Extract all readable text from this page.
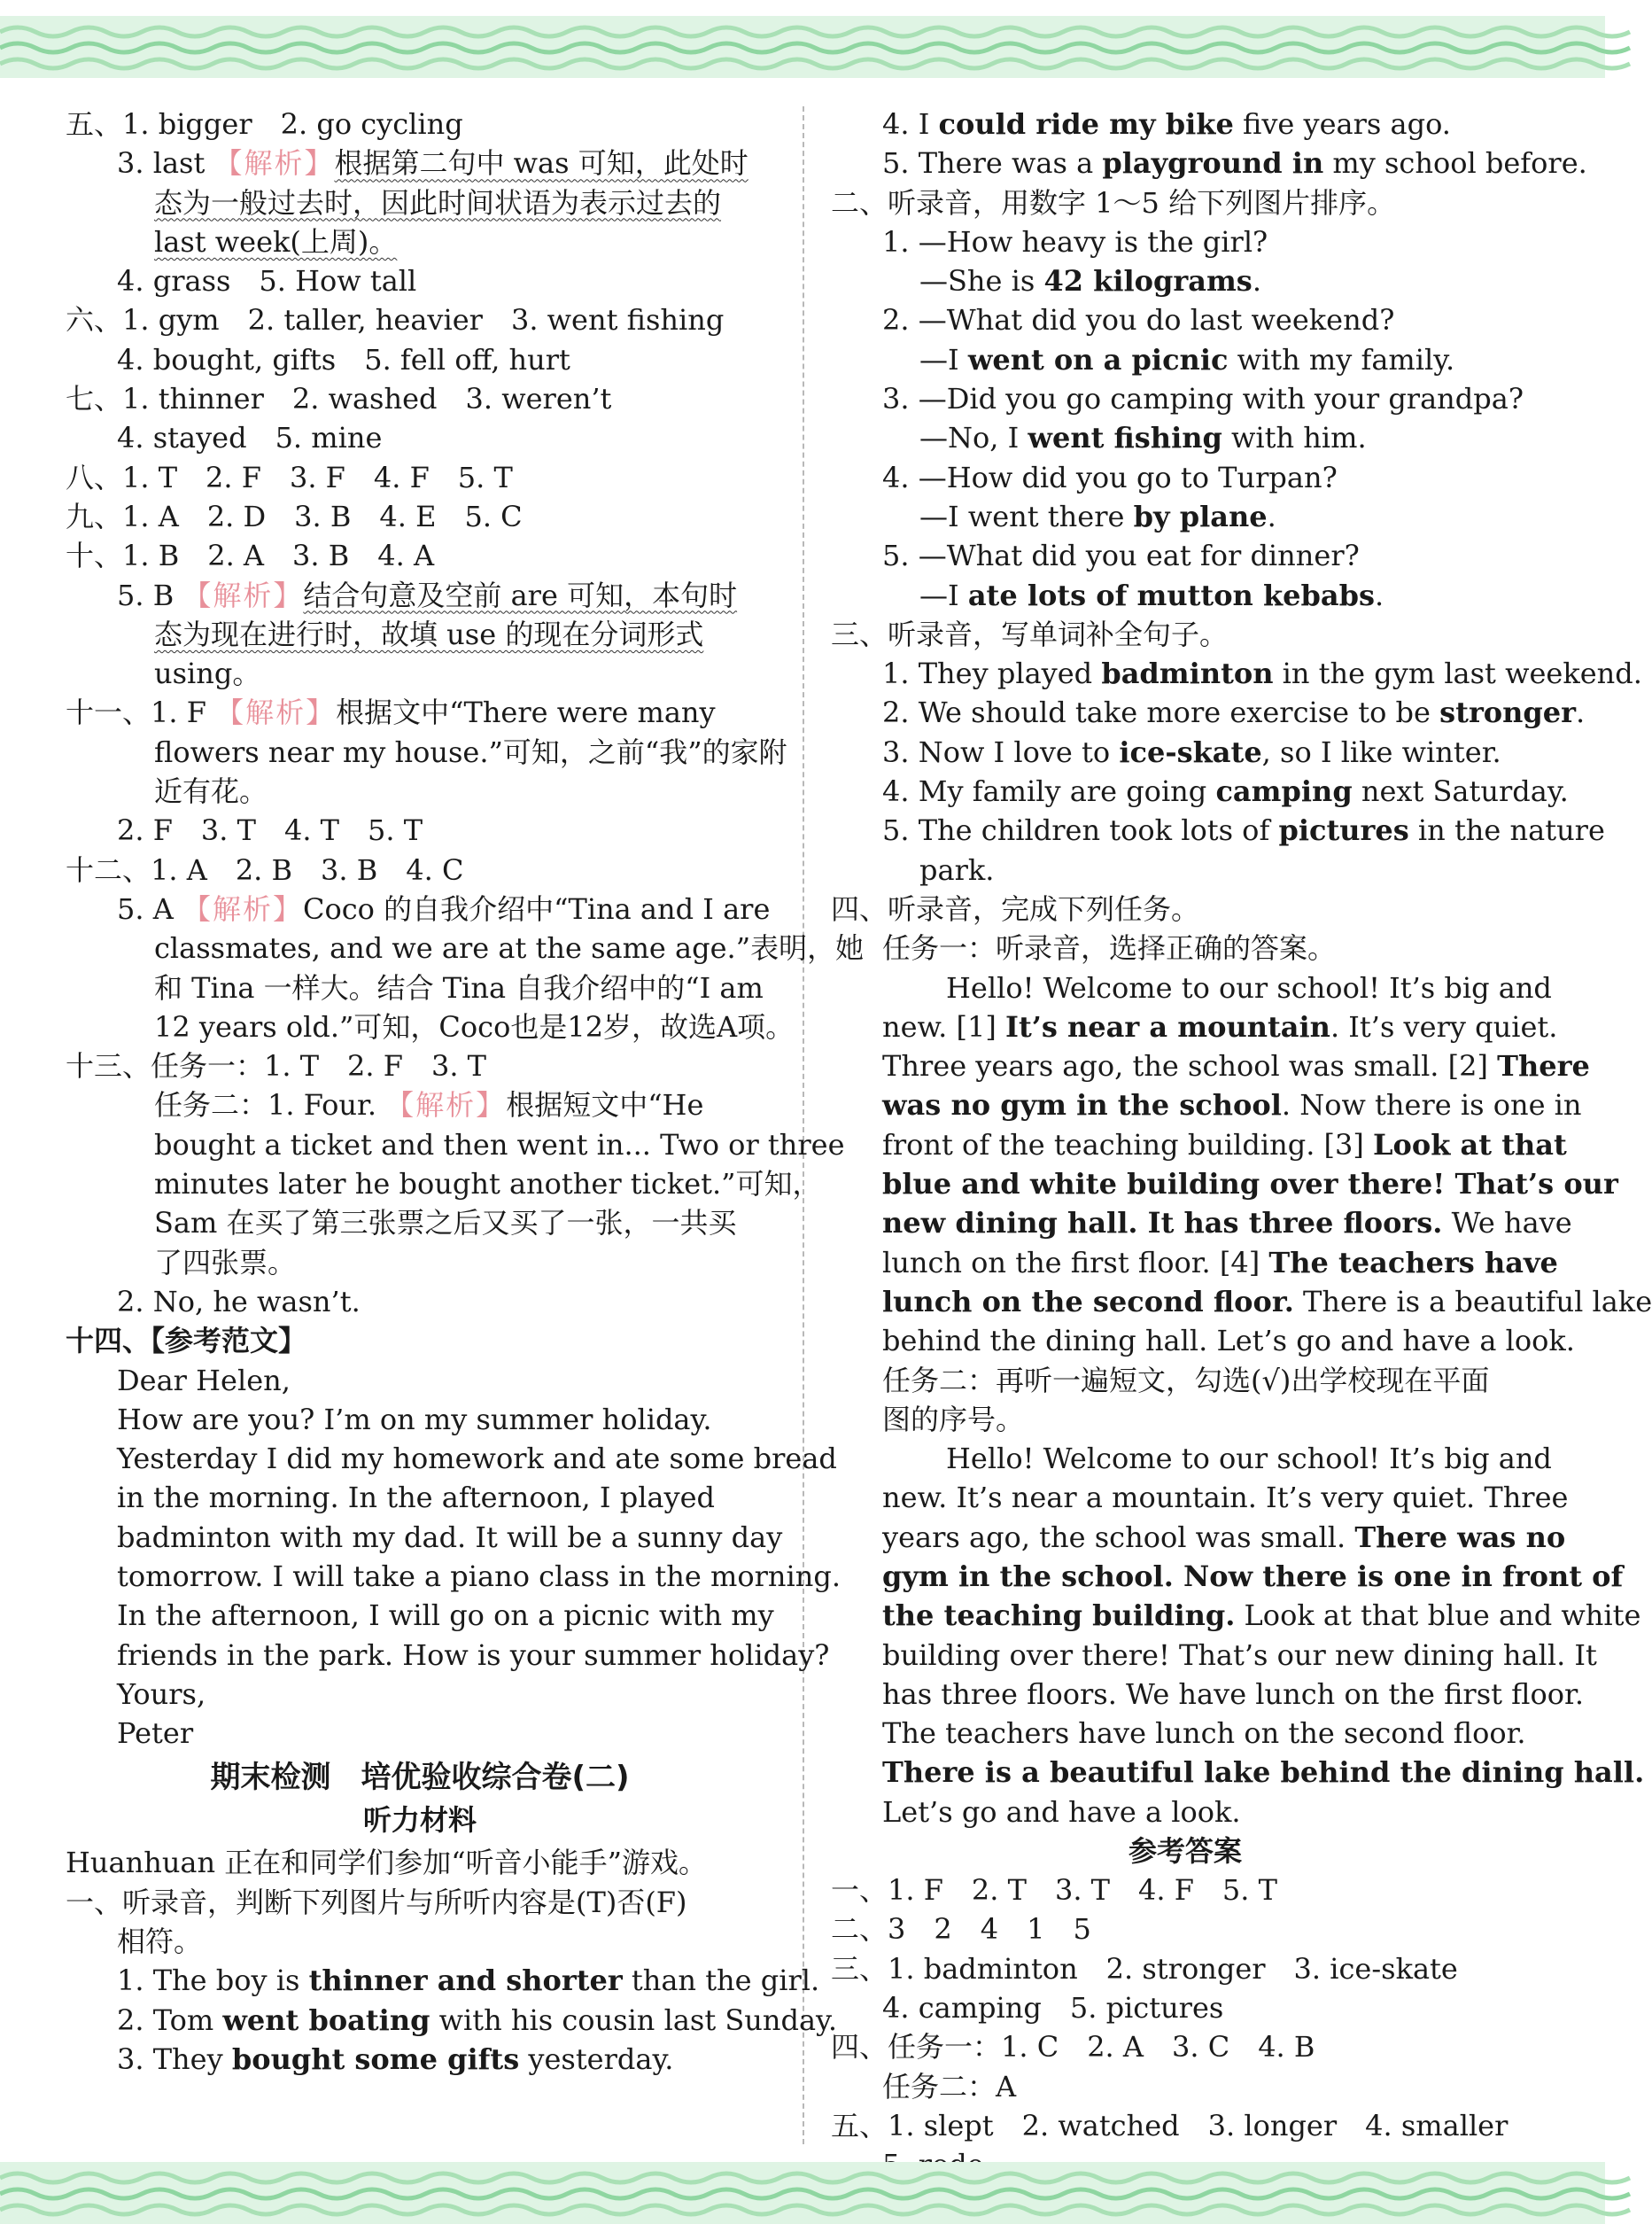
五、1. bigger　2. go cycling
3. last 【解析】根据第二句中 was 可知，此处时
态为一般过去时，因此时间状语为表示过去的
last week(上周)。
4. grass　5. How tall
六、1. gym　2. taller, heavier　3. went fishing
4. bought, gifts　5. fell off, hurt
七、1. thinner　2. washed　3. weren’t
4. stayed　5. mine
八、1. T　2. F　3. F　4. F　5. T
九、1. A　2. D　3. B　4. E　5. C
十、1. B　2. A　3. B　4. A
5. B 【解析】结合句意及空前 are 可知，本句时
态为现在进行时，故填 use 的现在分词形式
using。
十一、1. F 【解析】根据文中“There were many
flowers near my house.”可知，之前“我”的家附
近有花。
2. F　3. T　4. T　5. T
十二、1. A　2. B　3. B　4. C
5. A 【解析】Coco 的自我介绍中“Tina and I are
classmates, and we are at the same age.”表明，她
和 Tina 一样大。结合 Tina 自我介绍中的“I am
12 years old.”可知，Coco也是12岁，故选A项。
十三、任务一：1. T　2. F　3. T
任务二：1. Four. 【解析】根据短文中“He
bought a ticket and then went in... Two or three
minutes later he bought another ticket.”可知，
Sam 在买了第三张票之后又买了一张，一共买
了四张票。
2. No, he wasn’t.
十四、【参考范文】
Dear Helen,
How are you? I’m on my summer holiday.
Yesterday I did my homework and ate some bread
in the morning. In the afternoon, I played
badminton with my dad. It will be a sunny day
tomorrow. I will take a piano class in the morning.
In the afternoon, I will go on a picnic with my
friends in the park. How is your summer holiday?
Yours,
Peter
期末检测　培优验收综合卷(二)
听力材料
Huanhuan 正在和同学们参加“听音小能手”游戏。
一、听录音，判断下列图片与所听内容是(T)否(F)
相符。
1. The boy is thinner and shorter than the girl.
2. Tom went boating with his cousin last Sunday.
3. They bought some gifts yesterday.
4. I could ride my bike five years ago.
5. There was a playground in my school before.
二、听录音，用数字 1～5 给下列图片排序。
1. —How heavy is the girl?
—She is 42 kilograms.
2. —What did you do last weekend?
—I went on a picnic with my family.
3. —Did you go camping with your grandpa?
—No, I went fishing with him.
4. —How did you go to Turpan?
—I went there by plane.
5. —What did you eat for dinner?
—I ate lots of mutton kebabs.
三、听录音，写单词补全句子。
1. They played badminton in the gym last weekend.
2. We should take more exercise to be stronger.
3. Now I love to ice-skate, so I like winter.
4. My family are going camping next Saturday.
5. The children took lots of pictures in the nature
park.
四、听录音，完成下列任务。
任务一：听录音，选择正确的答案。
Hello! Welcome to our school! It’s big and
new. [1] It’s near a mountain. It’s very quiet.
Three years ago, the school was small. [2] There
was no gym in the school. Now there is one in
front of the teaching building. [3] Look at that
blue and white building over there! That’s our
new dining hall. It has three floors. We have
lunch on the first floor. [4] The teachers have
lunch on the second floor. There is a beautiful lake
behind the dining hall. Let’s go and have a look.
任务二：再听一遍短文，勾选(√)出学校现在平面
图的序号。
Hello! Welcome to our school! It’s big and
new. It’s near a mountain. It’s very quiet. Three
years ago, the school was small. There was no
gym in the school. Now there is one in front of
the teaching building. Look at that blue and white
building over there! That’s our new dining hall. It
has three floors. We have lunch on the first floor.
The teachers have lunch on the second floor.
There is a beautiful lake behind the dining hall.
Let’s go and have a look.
参考答案
一、1. F　2. T　3. T　4. F　5. T
二、3　2　4　1　5
三、1. badminton　2. stronger　3. ice-skate
4. camping　5. pictures
四、任务一：1. C　2. A　3. C　4. B
任务二：A
五、1. slept　2. watched　3. longer　4. smaller
